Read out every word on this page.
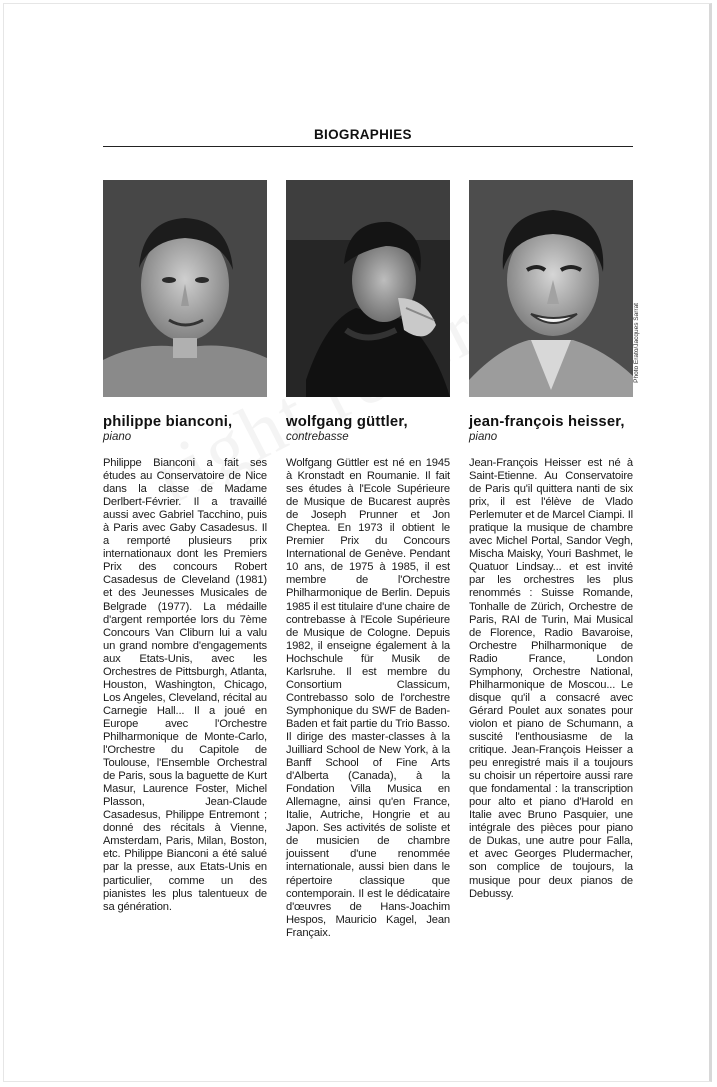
BIOGRAPHIES
philippe bianconi,
piano
Philippe Bianconi a fait ses études au Conservatoire de Nice dans la classe de Madame Derlbert-Février. Il a travaillé aussi avec Gabriel Tacchino, puis à Paris avec Gaby Casadesus. Il a remporté plusieurs prix internationaux dont les Premiers Prix des concours Robert Casadesus de Cleveland (1981) et des Jeunesses Musicales de Belgrade (1977). La médaille d'argent remportée lors du 7ème Concours Van Cliburn lui a valu un grand nombre d'engagements aux Etats-Unis, avec les Orchestres de Pittsburgh, Atlanta, Houston, Washington, Chicago, Los Angeles, Cleveland, récital au Carnegie Hall... Il a joué en Europe avec l'Orchestre Philharmonique de Monte-Carlo, l'Orchestre du Capitole de Toulouse, l'Ensemble Orchestral de Paris, sous la baguette de Kurt Masur, Laurence Foster, Michel Plasson, Jean-Claude Casadesus, Philippe Entremont ; donné des récitals à Vienne, Amsterdam, Paris, Milan, Boston, etc. Philippe Bianconi a été salué par la presse, aux Etats-Unis en particulier, comme un des pianistes les plus talentueux de sa génération.
wolfgang güttler,
contrebasse
Wolfgang Güttler est né en 1945 à Kronstadt en Roumanie. Il fait ses études à l'Ecole Supérieure de Musique de Bucarest auprès de Joseph Prunner et Jon Cheptea. En 1973 il obtient le Premier Prix du Concours International de Genève. Pendant 10 ans, de 1975 à 1985, il est membre de l'Orchestre Philharmonique de Berlin. Depuis 1985 il est titulaire d'une chaire de contrebasse à l'Ecole Supérieure de Musique de Cologne. Depuis 1982, il enseigne également à la Hochschule für Musik de Karlsruhe. Il est membre du Consortium Classicum, Contrebasso solo de l'orchestre Symphonique du SWF de Baden-Baden et fait partie du Trio Basso. Il dirige des master-classes à la Juilliard School de New York, à la Banff School of Fine Arts d'Alberta (Canada), à la Fondation Villa Musica en Allemagne, ainsi qu'en France, Italie, Autriche, Hongrie et au Japon. Ses activités de soliste et de musicien de chambre jouissent d'une renommée internationale, aussi bien dans le répertoire classique que contemporain. Il est le dédicataire d'œuvres de Hans-Joachim Hespos, Mauricio Kagel, Jean Françaix.
jean-françois heisser,
piano
Jean-François Heisser est né à Saint-Etienne. Au Conservatoire de Paris qu'il quittera nanti de six prix, il est l'élève de Vlado Perlemuter et de Marcel Ciampi. Il pratique la musique de chambre avec Michel Portal, Sandor Vegh, Mischa Maisky, Youri Bashmet, le Quatuor Lindsay... et est invité par les orchestres les plus renommés : Suisse Romande, Tonhalle de Zürich, Orchestre de Paris, RAI de Turin, Mai Musical de Florence, Radio Bavaroise, Orchestre Philharmonique de Radio France, London Symphony, Orchestre National, Philharmonique de Moscou... Le disque qu'il a consacré avec Gérard Poulet aux sonates pour violon et piano de Schumann, a suscité l'enthousiasme de la critique. Jean-François Heisser a peu enregistré mais il a toujours su choisir un répertoire aussi rare que fondamental : la transcription pour alto et piano d'Harold en Italie avec Bruno Pasquier, une intégrale des pièces pour piano de Dukas, une autre pour Falla, et avec Georges Pludermacher, son complice de toujours, la musique pour deux pianos de Debussy.
Photo Erato/Jacques Sarrat
